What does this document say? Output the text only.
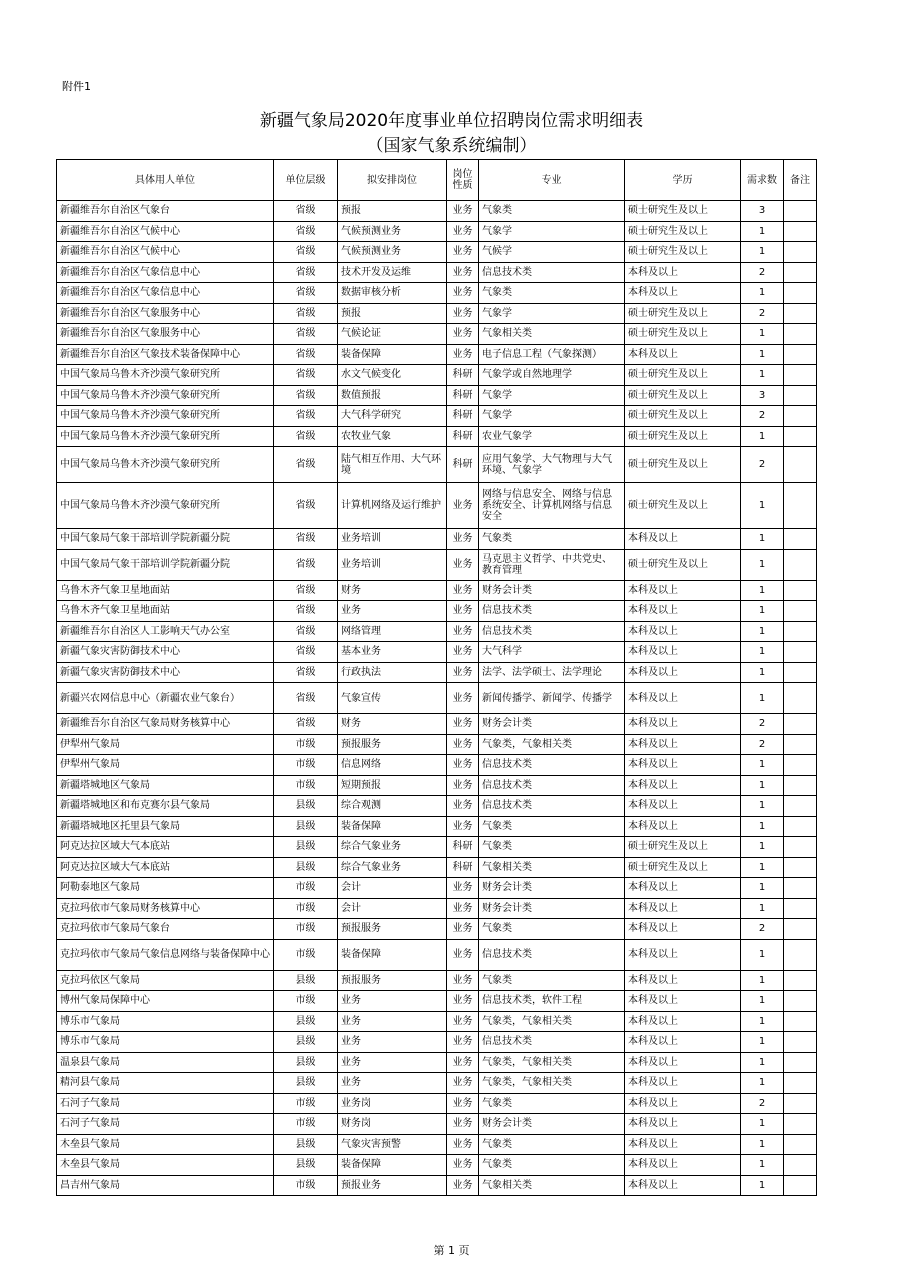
附件1
新疆气象局2020年度事业单位招聘岗位需求明细表
（国家气象系统编制）
具体用人单位	单位层级	拟安排岗位	岗位性质	专业	学历	需求数	备注
新疆维吾尔自治区气象台	省级	预报	业务	气象类	硕士研究生及以上	3	
新疆维吾尔自治区气候中心	省级	气候预测业务	业务	气象学	硕士研究生及以上	1	
新疆维吾尔自治区气候中心	省级	气候预测业务	业务	气候学	硕士研究生及以上	1	
新疆维吾尔自治区气象信息中心	省级	技术开发及运维	业务	信息技术类	本科及以上	2	
新疆维吾尔自治区气象信息中心	省级	数据审核分析	业务	气象类	本科及以上	1	
新疆维吾尔自治区气象服务中心	省级	预报	业务	气象学	硕士研究生及以上	2	
新疆维吾尔自治区气象服务中心	省级	气候论证	业务	气象相关类	硕士研究生及以上	1	
新疆维吾尔自治区气象技术装备保障中心	省级	装备保障	业务	电子信息工程（气象探测）	本科及以上	1	
中国气象局乌鲁木齐沙漠气象研究所	省级	水文气候变化	科研	气象学或自然地理学	硕士研究生及以上	1	
中国气象局乌鲁木齐沙漠气象研究所	省级	数值预报	科研	气象学	硕士研究生及以上	3	
中国气象局乌鲁木齐沙漠气象研究所	省级	大气科学研究	科研	气象学	硕士研究生及以上	2	
中国气象局乌鲁木齐沙漠气象研究所	省级	农牧业气象	科研	农业气象学	硕士研究生及以上	1	
中国气象局乌鲁木齐沙漠气象研究所	省级	陆气相互作用、大气环境	科研	应用气象学、大气物理与大气环境、气象学	硕士研究生及以上	2	
中国气象局乌鲁木齐沙漠气象研究所	省级	计算机网络及运行维护	业务	网络与信息安全、网络与信息系统安全、计算机网络与信息安全	硕士研究生及以上	1	
中国气象局气象干部培训学院新疆分院	省级	业务培训	业务	气象类	本科及以上	1	
中国气象局气象干部培训学院新疆分院	省级	业务培训	业务	马克思主义哲学、中共党史、教育管理	硕士研究生及以上	1	
乌鲁木齐气象卫星地面站	省级	财务	业务	财务会计类	本科及以上	1	
乌鲁木齐气象卫星地面站	省级	业务	业务	信息技术类	本科及以上	1	
新疆维吾尔自治区人工影响天气办公室	省级	网络管理	业务	信息技术类	本科及以上	1	
新疆气象灾害防御技术中心	省级	基本业务	业务	大气科学	本科及以上	1	
新疆气象灾害防御技术中心	省级	行政执法	业务	法学、法学硕士、法学理论	本科及以上	1	
新疆兴农网信息中心（新疆农业气象台）	省级	气象宣传	业务	新闻传播学、新闻学、传播学	本科及以上	1	
新疆维吾尔自治区气象局财务核算中心	省级	财务	业务	财务会计类	本科及以上	2	
伊犁州气象局	市级	预报服务	业务	气象类，气象相关类	本科及以上	2	
伊犁州气象局	市级	信息网络	业务	信息技术类	本科及以上	1	
新疆塔城地区气象局	市级	短期预报	业务	信息技术类	本科及以上	1	
新疆塔城地区和布克赛尔县气象局	县级	综合观测	业务	信息技术类	本科及以上	1	
新疆塔城地区托里县气象局	县级	装备保障	业务	气象类	本科及以上	1	
阿克达拉区域大气本底站	县级	综合气象业务	科研	气象类	硕士研究生及以上	1	
阿克达拉区域大气本底站	县级	综合气象业务	科研	气象相关类	硕士研究生及以上	1	
阿勒泰地区气象局	市级	会计	业务	财务会计类	本科及以上	1	
克拉玛依市气象局财务核算中心	市级	会计	业务	财务会计类	本科及以上	1	
克拉玛依市气象局气象台	市级	预报服务	业务	气象类	本科及以上	2	
克拉玛依市气象局气象信息网络与装备保障中心	市级	装备保障	业务	信息技术类	本科及以上	1	
克拉玛依区气象局	县级	预报服务	业务	气象类	本科及以上	1	
博州气象局保障中心	市级	业务	业务	信息技术类，软件工程	本科及以上	1	
博乐市气象局	县级	业务	业务	气象类，气象相关类	本科及以上	1	
博乐市气象局	县级	业务	业务	信息技术类	本科及以上	1	
温泉县气象局	县级	业务	业务	气象类，气象相关类	本科及以上	1	
精河县气象局	县级	业务	业务	气象类，气象相关类	本科及以上	1	
石河子气象局	市级	业务岗	业务	气象类	本科及以上	2	
石河子气象局	市级	财务岗	业务	财务会计类	本科及以上	1	
木垒县气象局	县级	气象灾害预警	业务	气象类	本科及以上	1	
木垒县气象局	县级	装备保障	业务	气象类	本科及以上	1	
昌吉州气象局	市级	预报业务	业务	气象相关类	本科及以上	1	
第 1 页
